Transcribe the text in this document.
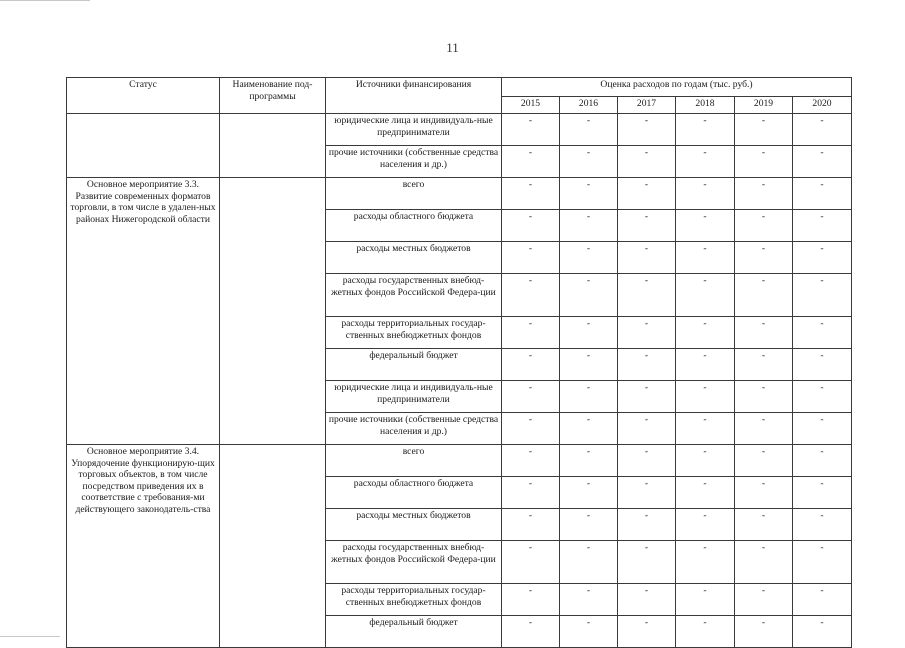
11
Статус	Наименование под-программы	Источники финансирования	Оценка расходов по годам (тыс. руб.)					
			2015	2016	2017	2018	2019	2020
		юридические лица и индивидуаль-ные предприниматели	-	-	-	-	-	-
		прочие источники (собственные средства населения и др.)	-	-	-	-	-	-
Основное мероприятие 3.3. Развитие современных форматов торговли, в том числе в удален-ных районах Нижегородской области		всего	-	-	-	-	-	-
		расходы областного бюджета	-	-	-	-	-	-
		расходы местных бюджетов	-	-	-	-	-	-
		расходы государственных внебюд-жетных фондов Российской Федера-ции	-	-	-	-	-	-
		расходы территориальных государ-ственных внебюджетных фондов	-	-	-	-	-	-
		федеральный бюджет	-	-	-	-	-	-
		юридические лица и индивидуаль-ные предприниматели	-	-	-	-	-	-
		прочие источники (собственные средства населения и др.)	-	-	-	-	-	-
Основное мероприятие 3.4. Упорядочение функционирую-щих торговых объектов, в том числе посредством приведения их в соответствие с требования-ми действующего законодатель-ства		всего	-	-	-	-	-	-
		расходы областного бюджета	-	-	-	-	-	-
		расходы местных бюджетов	-	-	-	-	-	-
		расходы государственных внебюд-жетных фондов Российской Федера-ции	-	-	-	-	-	-
		расходы территориальных государ-ственных внебюджетных фондов	-	-	-	-	-	-
		федеральный бюджет	-	-	-	-	-	-
